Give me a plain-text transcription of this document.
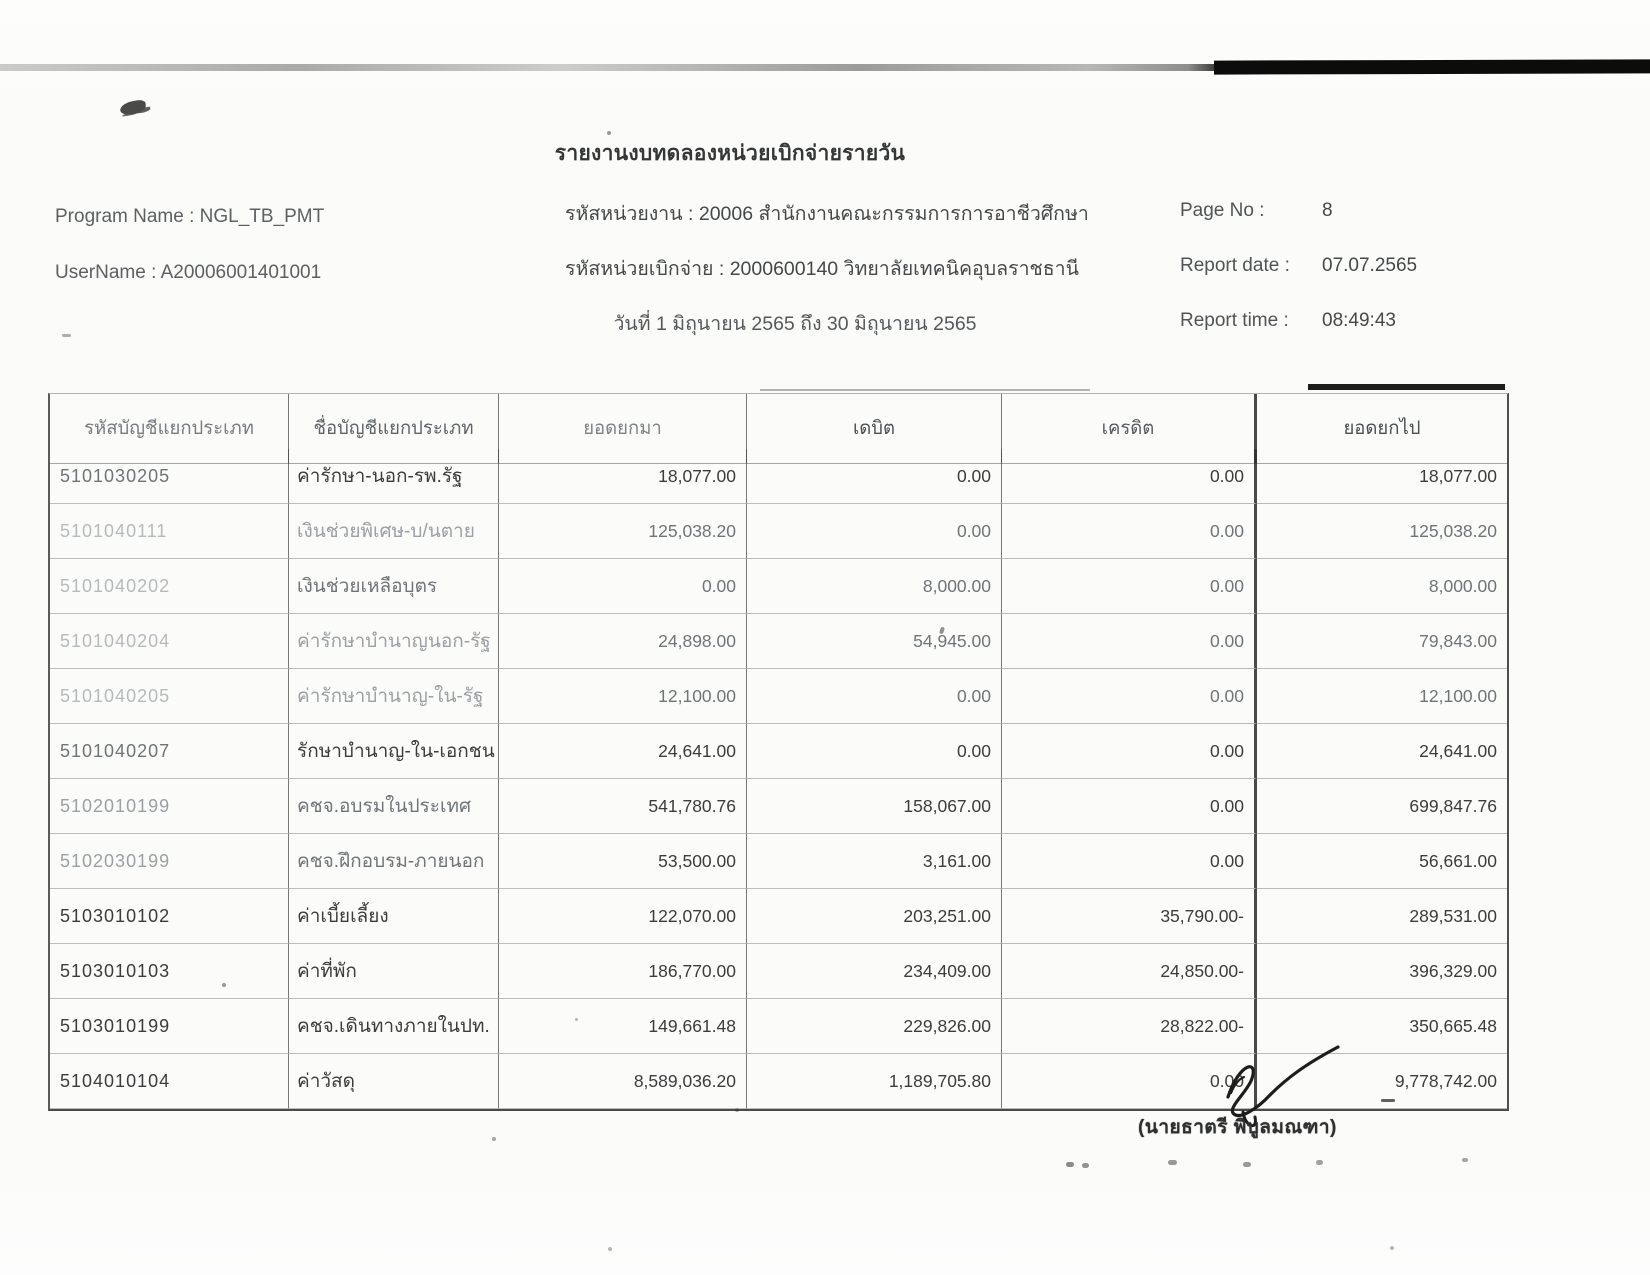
รายงานงบทดลองหน่วยเบิกจ่ายรายวัน
Program Name : NGL_TB_PMT
UserName : A20006001401001
รหัสหน่วยงาน : 20006 สำนักงานคณะกรรมการการอาชีวศึกษา
รหัสหน่วยเบิกจ่าย : 2000600140 วิทยาลัยเทคนิคอุบลราชธานี
วันที่ 1 มิถุนายน 2565 ถึง 30 มิถุนายน 2565
Page No :	8
Report date : 07.07.2565
Report time : 08:49:43
รหัสบัญชีแยกประเภท	ชื่อบัญชีแยกประเภท	ยอดยกมา	เดบิต	เครดิต	ยอดยกไป
5101030205	ค่ารักษา-นอก-รพ.รัฐ	18,077.00	0.00	0.00	18,077.00
5101040111	เงินช่วยพิเศษ-บ/นตาย	125,038.20	0.00	0.00	125,038.20
5101040202	เงินช่วยเหลือบุตร	0.00	8,000.00	0.00	8,000.00
5101040204	ค่ารักษาบำนาญนอก-รัฐ	24,898.00	54,945.00	0.00	79,843.00
5101040205	ค่ารักษาบำนาญ-ใน-รัฐ	12,100.00	0.00	0.00	12,100.00
5101040207	รักษาบำนาญ-ใน-เอกชน	24,641.00	0.00	0.00	24,641.00
5102010199	คชจ.อบรมในประเทศ	541,780.76	158,067.00	0.00	699,847.76
5102030199	คชจ.ฝึกอบรม-ภายนอก	53,500.00	3,161.00	0.00	56,661.00
5103010102	ค่าเบี้ยเลี้ยง	122,070.00	203,251.00	35,790.00-	289,531.00
5103010103	ค่าที่พัก	186,770.00	234,409.00	24,850.00-	396,329.00
5103010199	คชจ.เดินทางภายในปท.	149,661.48	229,826.00	28,822.00-	350,665.48
5104010104	ค่าวัสดุ	8,589,036.20	1,189,705.80	0.00	9,778,742.00
(นายธาตรี พิบูลมณฑา)
